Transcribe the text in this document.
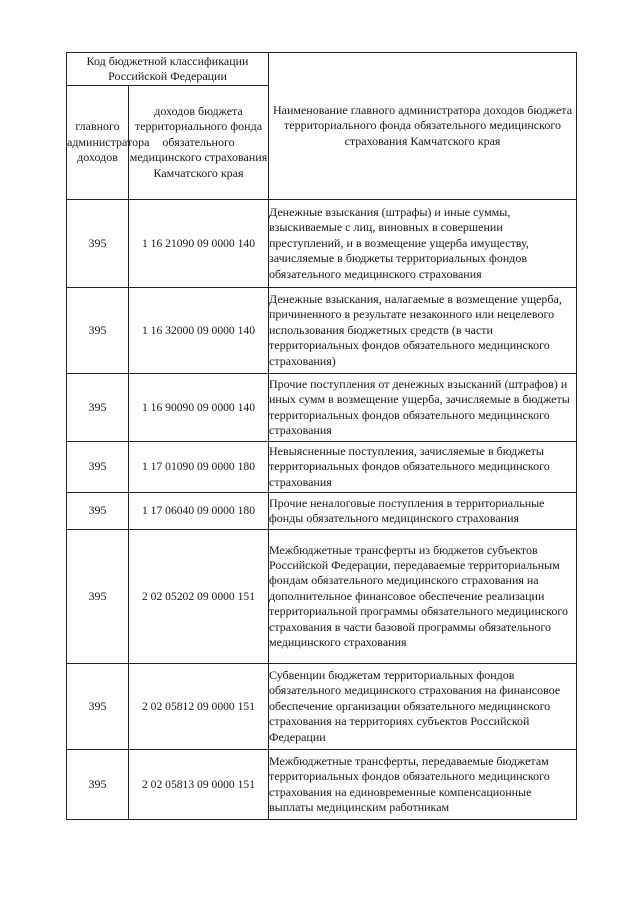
Код бюджетной классификации Российской Федерации		Наименование главного администратора доходов бюджета территориального фонда обязательного медицинского страхования Камчатского края
главного администратора доходов	доходов бюджета территориального фонда обязательного медицинского страхования Камчатского края	
395	1 16 21090 09 0000 140	Денежные взыскания (штрафы) и иные суммы, взыскиваемые с лиц, виновных в совершении преступлений, и в возмещение ущерба имуществу, зачисляемые в бюджеты территориальных фондов обязательного медицинского страхования
395	1 16 32000 09 0000 140	Денежные взыскания, налагаемые в возмещение ущерба, причиненного в результате незаконного или нецелевого использования бюджетных средств (в части территориальных фондов обязательного медицинского страхования)
395	1 16 90090 09 0000 140	Прочие поступления от денежных взысканий (штрафов) и иных сумм в возмещение ущерба, зачисляемые в бюджеты территориальных фондов обязательного медицинского страхования
395	1 17 01090 09 0000 180	Невыясненные поступления, зачисляемые в бюджеты территориальных фондов обязательного медицинского страхования
395	1 17 06040 09 0000 180	Прочие неналоговые поступления в территориальные фонды обязательного медицинского страхования
395	2 02 05202 09 0000 151	Межбюджетные трансферты из бюджетов субъектов Российской Федерации, передаваемые территориальным фондам обязательного медицинского страхования на дополнительное финансовое обеспечение реализации территориальной программы обязательного медицинского страхования в части базовой программы обязательного медицинского страхования
395	2 02 05812 09 0000 151	Субвенции бюджетам территориальных фондов обязательного медицинского страхования на финансовое обеспечение организации обязательного медицинского страхования на территориях субъектов Российской Федерации
395	2 02 05813 09 0000 151	Межбюджетные трансферты, передаваемые бюджетам территориальных фондов обязательного медицинского страхования на единовременные компенсационные выплаты медицинским работникам
